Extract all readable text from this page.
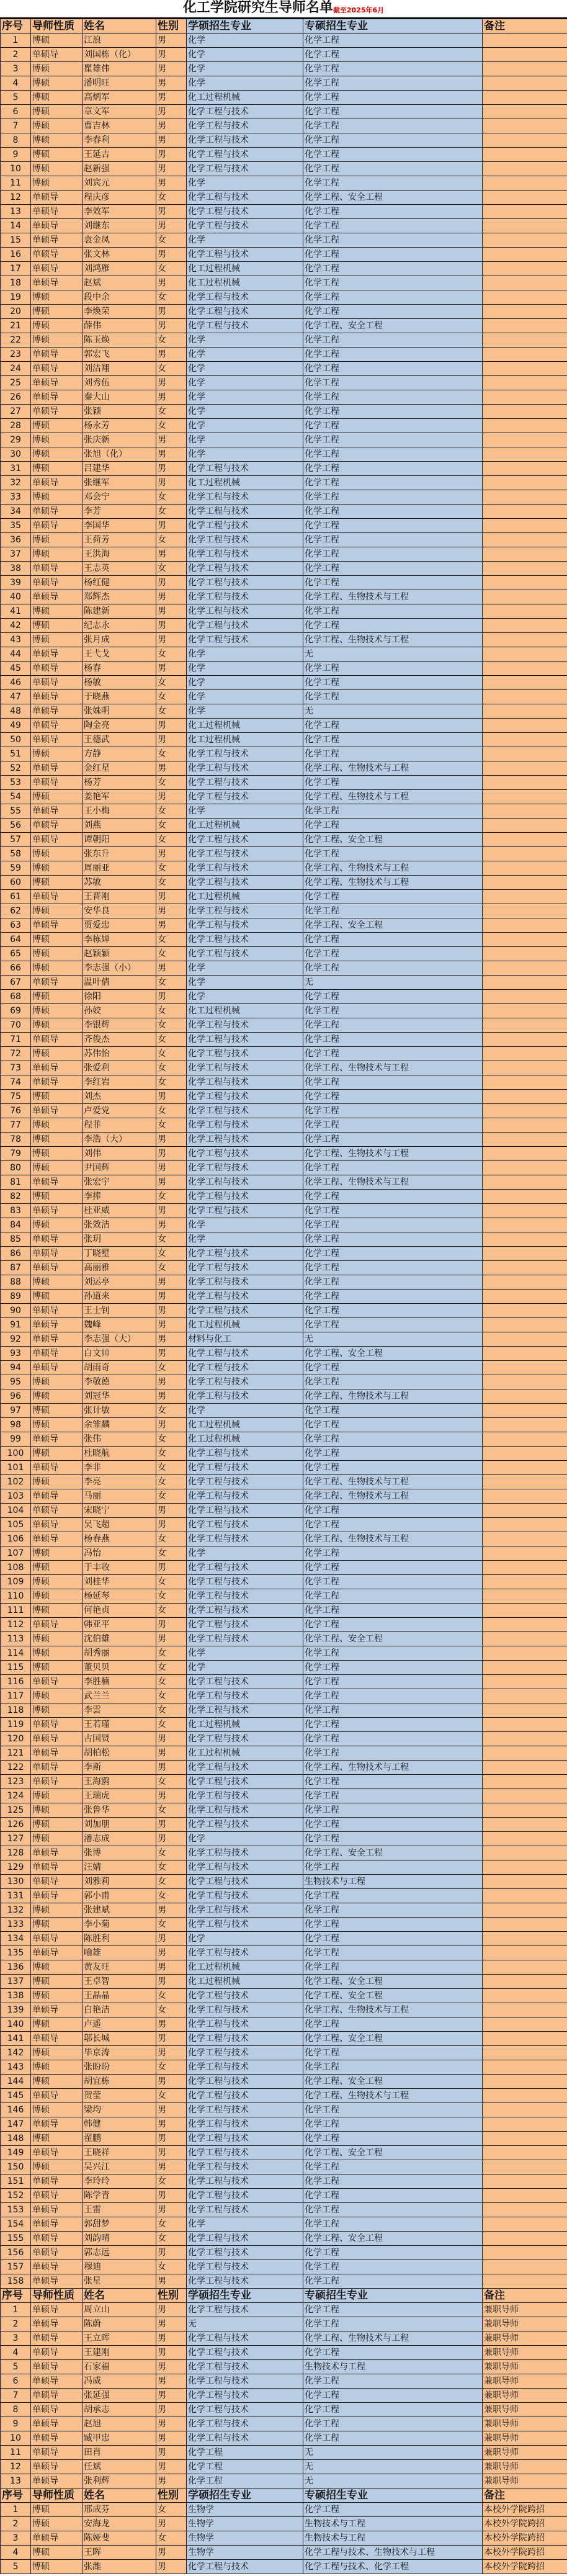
化工学院研究生导师名单 截至2025年6月
序号	导师性质	姓名	性别	学硕招生专业	专硕招生专业	备注
1	博硕	江浪	男	化学	化学工程	
2	单硕导	刘国栋（化）	男	化学	化学工程	
3	博硕	瞿雄伟	男	化学	化学工程	
4	博硕	潘明旺	男	化学	化学工程	
5	博硕	高炳军	男	化工过程机械	化学工程	
6	博硕	章文军	男	化学工程与技术	化学工程	
7	博硕	曹吉林	男	化学工程与技术	化学工程	
8	博硕	李春利	男	化学工程与技术	化学工程	
9	博硕	王延吉	男	化学工程与技术	化学工程	
10	博硕	赵新强	男	化学工程与技术	化学工程	
11	博硕	刘宾元	男	化学	化学工程	
12	单硕导	程庆彦	女	化学工程与技术	化学工程、安全工程	
13	单硕导	李效军	男	化学工程与技术	化学工程	
14	单硕导	刘继东	男	化学工程与技术	化学工程	
15	单硕导	袁金凤	女	化学	化学工程	
16	单硕导	张文林	男	化学工程与技术	化学工程	
17	单硕导	刘鸿雁	女	化工过程机械	化学工程	
18	单硕导	赵斌	男	化工过程机械	化学工程	
19	博硕	段中余	女	化学工程与技术	化学工程	
20	博硕	李焕荣	男	化学工程与技术	化学工程	
21	博硕	薛伟	男	化学工程与技术	化学工程、安全工程	
22	博硕	陈玉焕	女	化学	化学工程	
23	单硕导	郭宏飞	男	化学	化学工程	
24	单硕导	刘洁翔	女	化学	化学工程	
25	单硕导	刘秀伍	男	化学	化学工程	
26	单硕导	秦大山	男	化学	化学工程	
27	单硕导	张颖	女	化学	化学工程	
28	博硕	杨永芳	女	化学	化学工程	
29	博硕	张庆新	男	化学	化学工程	
30	博硕	张旭（化）	男	化学	化学工程	
31	博硕	吕建华	男	化学工程与技术	化学工程	
32	单硕导	张继军	男	化工过程机械	化学工程	
33	博硕	邓会宁	女	化学工程与技术	化学工程	
34	单硕导	李芳	女	化学工程与技术	化学工程	
35	单硕导	李国华	男	化学工程与技术	化学工程	
36	博硕	王荷芳	女	化学工程与技术	化学工程	
37	博硕	王洪海	男	化学工程与技术	化学工程	
38	单硕导	王志英	女	化学工程与技术	化学工程	
39	单硕导	杨红健	男	化学工程与技术	化学工程	
40	单硕导	郑辉杰	男	化学工程与技术	化学工程、生物技术与工程	
41	博硕	陈建新	男	化学工程与技术	化学工程	
42	博硕	纪志永	男	化学工程与技术	化学工程	
43	博硕	张月成	男	化学工程与技术	化学工程、生物技术与工程	
44	单硕导	王弋戈	女	化学	无	
45	单硕导	杨春	男	化学	化学工程	
46	单硕导	杨敏	女	化学	化学工程	
47	单硕导	于晓燕	女	化学	化学工程	
48	单硕导	张姝明	女	化学	无	
49	单硕导	陶金亮	男	化工过程机械	化学工程	
50	单硕导	王德武	男	化工过程机械	化学工程	
51	博硕	方静	女	化学工程与技术	化学工程	
52	单硕导	金红星	男	化学工程与技术	化学工程、生物技术与工程	
53	单硕导	杨芳	女	化学工程与技术	化学工程	
54	博硕	姜艳军	男	化学工程与技术	化学工程、生物技术与工程	
55	单硕导	王小梅	女	化学	化学工程	
56	单硕导	刘燕	女	化工过程机械	化学工程	
57	单硕导	谭朝阳	女	化学工程与技术	化学工程、安全工程	
58	博硕	张东升	男	化学工程与技术	化学工程	
59	博硕	周丽亚	女	化学工程与技术	化学工程、生物技术与工程	
60	博硕	苏敏	女	化学工程与技术	化学工程、生物技术与工程	
61	单硕导	王晋刚	男	化工过程机械	化学工程	
62	博硕	安华良	男	化学工程与技术	化学工程	
63	单硕导	贾爱忠	男	化学工程与技术	化学工程、安全工程	
64	博硕	李栋婵	女	化学工程与技术	化学工程	
65	博硕	赵颖颖	女	化学工程与技术	化学工程	
66	博硕	李志强（小）	男	化学	化学工程	
67	单硕导	温叶倩	女	化学	无	
68	博硕	徐阳	男	化学	化学工程	
69	博硕	孙姣	女	化工过程机械	化学工程	
70	博硕	李银辉	女	化学工程与技术	化学工程	
71	单硕导	齐俊杰	女	化学工程与技术	化学工程	
72	博硕	苏伟怡	女	化学工程与技术	化学工程	
73	单硕导	张爱利	女	化学工程与技术	化学工程、生物技术与工程	
74	单硕导	李红岩	女	化学工程与技术	化学工程	
75	博硕	刘杰	男	化学工程与技术	化学工程	
76	单硕导	卢爱党	女	化学工程与技术	化学工程	
77	博硕	程菲	女	化学工程与技术	化学工程	
78	博硕	李浩（大）	男	化学工程与技术	化学工程	
79	博硕	刘伟	男	化学工程与技术	化学工程、生物技术与工程	
80	博硕	尹国辉	男	化学工程与技术	化学工程	
81	单硕导	张宏宇	男	化学工程与技术	化学工程、生物技术与工程	
82	博硕	李捧	女	化学工程与技术	化学工程	
83	单硕导	杜亚威	男	化学工程与技术	化学工程	
84	博硕	张效洁	男	化学	化学工程	
85	单硕导	张玥	女	化学	化学工程	
86	单硕导	丁晓墅	女	化学工程与技术	化学工程	
87	单硕导	高丽雅	女	化学工程与技术	化学工程	
88	博硕	刘运亭	男	化学工程与技术	化学工程	
89	博硕	孙道来	男	化学工程与技术	化学工程	
90	单硕导	王士钊	男	化学工程与技术	化学工程	
91	单硕导	魏峰	男	化工过程机械	化学工程	
92	单硕导	李志强（大）	男	材料与化工	无	
93	单硕导	白文帅	男	化学工程与技术	化学工程、安全工程	
94	单硕导	胡雨奇	女	化学工程与技术	化学工程	
95	博硕	李敬德	男	化学工程与技术	化学工程	
96	博硕	刘冠华	男	化学工程与技术	化学工程、生物技术与工程	
97	博硕	张计敏	女	化学	化学工程	
98	博硕	余雏麟	男	化工过程机械	化学工程	
99	单硕导	张伟	女	化工过程机械	化学工程	
100	博硕	杜晓航	女	化学工程与技术	化学工程	
101	单硕导	李非	女	化学工程与技术	化学工程	
102	博硕	李亮	女	化学工程与技术	化学工程、生物技术与工程	
103	单硕导	马丽	女	化学工程与技术	化学工程、生物技术与工程	
104	单硕导	宋晓宁	男	化学工程与技术	化学工程	
105	单硕导	吴飞超	男	化学工程与技术	化学工程	
106	单硕导	杨春燕	女	化学工程与技术	化学工程、生物技术与工程	
107	博硕	冯怡	女	化学	化学工程	
108	博硕	于丰收	男	化学工程与技术	化学工程	
109	博硕	刘桂华	女	化学工程与技术	化学工程	
110	博硕	杨延琴	女	化学工程与技术	化学工程	
111	博硕	何艳贞	女	化学工程与技术	化学工程	
112	单硕导	韩亚平	男	化学工程与技术	化学工程	
113	博硕	沈伯雄	男	化学工程与技术	化学工程、安全工程	
114	博硕	胡秀丽	女	化学	化学工程	
115	博硕	董贝贝	女	化学	化学工程	
116	单硕导	李胜楠	女	化学工程与技术	化学工程	
117	博硕	武兰兰	女	化学工程与技术	化学工程	
118	博硕	李雲	女	化学工程与技术	化学工程	
119	单硕导	王若瑾	女	化工过程机械	化学工程	
120	单硕导	古国贤	男	化学工程与技术	化学工程	
121	单硕导	胡柏松	男	化工过程机械	化学工程	
122	单硕导	李斯	男	化学工程与技术	化学工程、生物技术与工程	
123	单硕导	王海鸥	女	化学工程与技术	化学工程	
124	博硕	王瑞虎	男	化学工程与技术	化学工程	
125	博硕	张鲁华	女	化学工程与技术	化学工程	
126	博硕	刘加朋	男	化学工程与技术	化学工程	
127	博硕	潘志成	男	化学	化学工程	
128	单硕导	张博	女	化学工程与技术	化学工程、安全工程	
129	单硕导	汪婧	女	化学工程与技术	化学工程	
130	单硕导	刘雅莉	女	化学工程与技术	生物技术与工程	
131	单硕导	郭小甫	女	化学工程与技术	化学工程	
132	博硕	张建斌	男	化学工程与技术	化学工程	
133	博硕	李小菊	女	化学工程与技术	化学工程	
134	单硕导	陈胜利	男	化学	化学工程	
135	单硕导	喻雄	男	化学工程与技术	化学工程	
136	博硕	黄友旺	男	化工过程机械	化学工程	
137	博硕	王卓智	男	化工过程机械	化学工程、安全工程	
138	博硕	王晶晶	女	化学工程与技术	化学工程、安全工程	
139	单硕导	白艳洁	女	化学工程与技术	化学工程、生物技术与工程	
140	博硕	卢遥	男	化学工程与技术	化学工程	
141	单硕导	邬长城	男	化学工程与技术	化学工程、安全工程	
142	博硕	毕京涛	男	化学工程与技术	化学工程	
143	博硕	张盼盼	女	化学工程与技术	化学工程	
144	博硕	胡宜栋	男	化学工程与技术	化学工程、安全工程	
145	单硕导	贺莹	女	化学工程与技术	化学工程、生物技术与工程	
146	博硕	梁均	男	化学工程与技术	化学工程	
147	单硕导	韩健	男	化学工程与技术	化学工程	
148	博硕	翟鹏	男	化学工程与技术	化学工程	
149	单硕导	王晓祥	男	化学工程与技术	化学工程、安全工程	
150	博硕	吴兴江	男	化学工程与技术	化学工程	
151	单硕导	李玲玲	女	化学工程与技术	化学工程	
152	单硕导	陈学青	男	化学工程与技术	化学工程	
153	单硕导	王雷	男	化学工程与技术	化学工程	
154	单硕导	郭甜梦	女	化学	化学工程	
155	单硕导	刘韵晴	女	化学工程与技术	化学工程、安全工程	
156	单硕导	郭志远	男	化学工程与技术	化学工程	
157	单硕导	穆迪	女	化学工程与技术	化学工程	
158	单硕导	张星	男	化学工程与技术	化学工程	
序号	导师性质	姓名	性别	学硕招生专业	专硕招生专业	备注
1	单硕导	周立山	男	化学工程与技术	化学工程	兼职导师
2	单硕导	陈蔚	男	无	化学工程	兼职导师
3	单硕导	王立晖	男	化学工程与技术	化学工程、生物技术与工程	兼职导师
4	单硕导	王建刚	男	化学工程与技术	化学工程	兼职导师
5	单硕导	石家福	男	化学工程与技术	生物技术与工程	兼职导师
6	单硕导	冯威	男	化学工程与技术	化学工程	兼职导师
7	单硕导	张延强	男	化学工程与技术	化学工程	兼职导师
8	单硕导	胡承志	男	化学工程与技术	化学工程	兼职导师
9	单硕导	赵旭	男	化学工程与技术	化学工程	兼职导师
10	单硕导	臧甲忠	男	化学工程与技术	化学工程	兼职导师
11	单硕导	田肖	男	化学工程	无	兼职导师
12	单硕导	任斌	男	化学工程	无	兼职导师
13	单硕导	张利辉	男	化学工程	无	兼职导师
序号	导师性质	姓名	性别	学硕招生专业	专硕招生专业	备注
1	博硕	邢成芬	女	生物学	化学工程	本校外学院跨招
2	博硕	安海龙	男	生物学	生物技术与工程	本校外学院跨招
3	单硕导	陈娅斐	女	生物学	生物技术与工程	本校外学院跨招
4	博硕	王晖	男	生物学	化学工程与技术、生物技术与工程	本校外学院跨招
5	博硕	张潍	男	化学工程与技术	化学工程与技术、化学工程	本校外学院跨招
